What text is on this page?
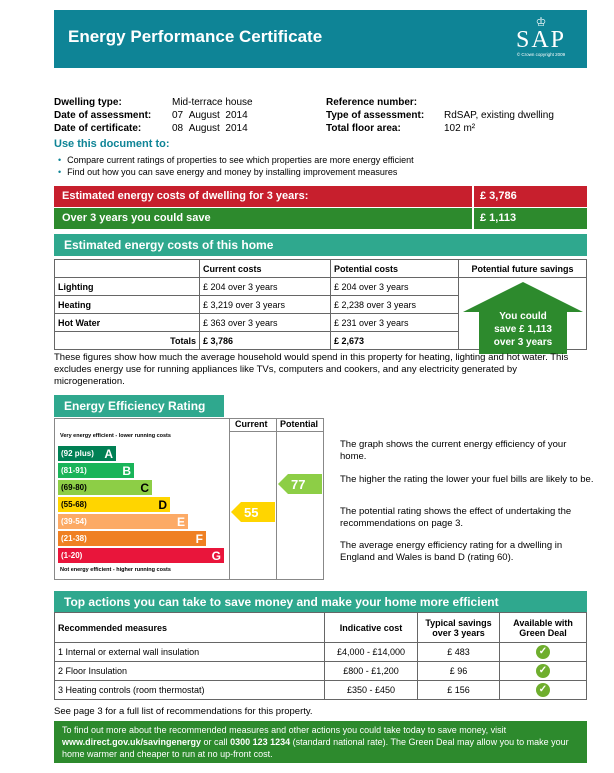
Energy Performance Certificate
♔
SAP
© Crown copyright 2009
Dwelling type:	Mid-terrace house
Date of assessment: 07 August 2014
Date of certificate:	08 August 2014
Reference number:
Type of assessment: RdSAP, existing dwelling
Total floor area:	102 m²
Use this document to:
• Compare current ratings of properties to see which properties are more energy efficient
• Find out how you can save energy and money by installing improvement measures
Estimated energy costs of dwelling for 3 years:	£ 3,786
Over 3 years you could save	£ 1,113
Estimated energy costs of this home
	Current costs	Potential costs	Potential future savings
Lighting	£ 204 over 3 years	£ 204 over 3 years	You could
save £ 1,113
over 3 years

Heating	£ 3,219 over 3 years	£ 2,238 over 3 years	
Hot Water	£ 363 over 3 years	£ 231 over 3 years	
Totals	£ 3,786	£ 2,673	
These figures show how much the average household would spend in this property for heating, lighting and hot water. This excludes energy use for running appliances like TVs, computers and cookers, and any electricity generated by microgeneration.
Energy Efficiency Rating
Current Potential
Very energy efficient - lower running costs
(92 plus) A
(81-91)	B
(69-80)	C
(55-68)	D
(39-54)	E
(21-38)	F
(1-20)	G
Not energy efficient - higher running costs
55
77
The graph shows the current energy efficiency of your home.
The higher the rating the lower your fuel bills are likely to be.
The potential rating shows the effect of undertaking the recommendations on page 3.
The average energy efficiency rating for a dwelling in England and Wales is band D (rating 60).
Top actions you can take to save money and make your home more efficient
Recommended measures	Indicative cost	Typical savings over 3 years	Available with Green Deal
1 Internal or external wall insulation	£4,000 - £14,000	£ 483	✓
2 Floor Insulation	£800 - £1,200	£ 96	✓
3 Heating controls (room thermostat)	£350 - £450	£ 156	✓
See page 3 for a full list of recommendations for this property.
To find out more about the recommended measures and other actions you could take today to save money, visit
www.direct.gov.uk/savingenergy or call 0300 123 1234 (standard national rate). The Green Deal may allow you to make your home warmer and cheaper to run at no up-front cost.
